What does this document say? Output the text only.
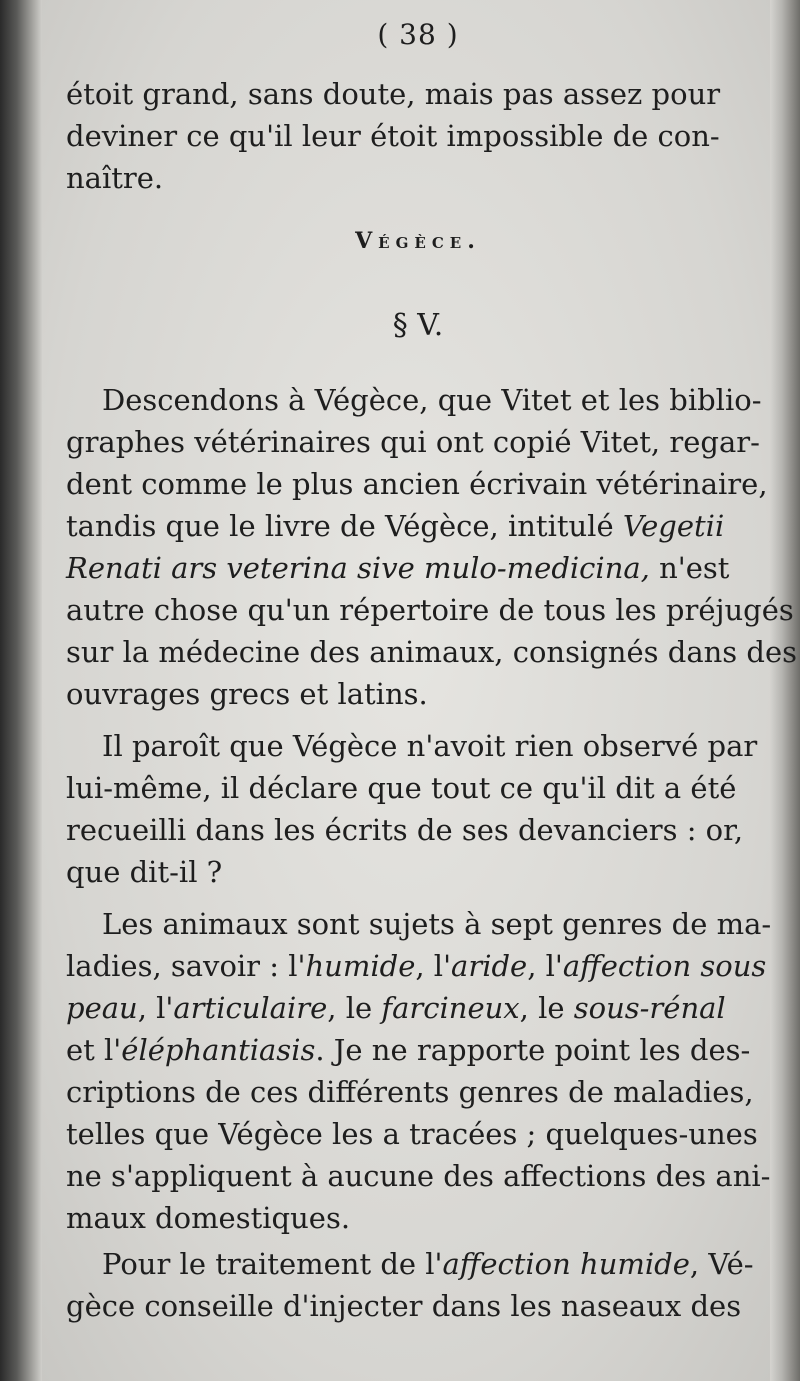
( 38 )
étoit grand, sans doute, mais pas assez pour
deviner ce qu'il leur étoit impossible de con-
naître.
Végèce.
§ V.
Descendons à Végèce, que Vitet et les biblio-
graphes vétérinaires qui ont copié Vitet, regar-
dent comme le plus ancien écrivain vétérinaire,
tandis que le livre de Végèce, intitulé Vegetii
Renati ars veterina sive mulo-medicina, n'est
autre chose qu'un répertoire de tous les préjugés
sur la médecine des animaux, consignés dans des
ouvrages grecs et latins.
Il paroît que Végèce n'avoit rien observé par
lui-même, il déclare que tout ce qu'il dit a été
recueilli dans les écrits de ses devanciers : or,
que dit-il ?
Les animaux sont sujets à sept genres de ma-
ladies, savoir : l'humide, l'aride, l'affection sous
peau, l'articulaire, le farcineux, le sous-rénal
et l'éléphantiasis. Je ne rapporte point les des-
criptions de ces différents genres de maladies,
telles que Végèce les a tracées ; quelques-unes
ne s'appliquent à aucune des affections des ani-
maux domestiques.
Pour le traitement de l'affection humide, Vé-
gèce conseille d'injecter dans les naseaux des
